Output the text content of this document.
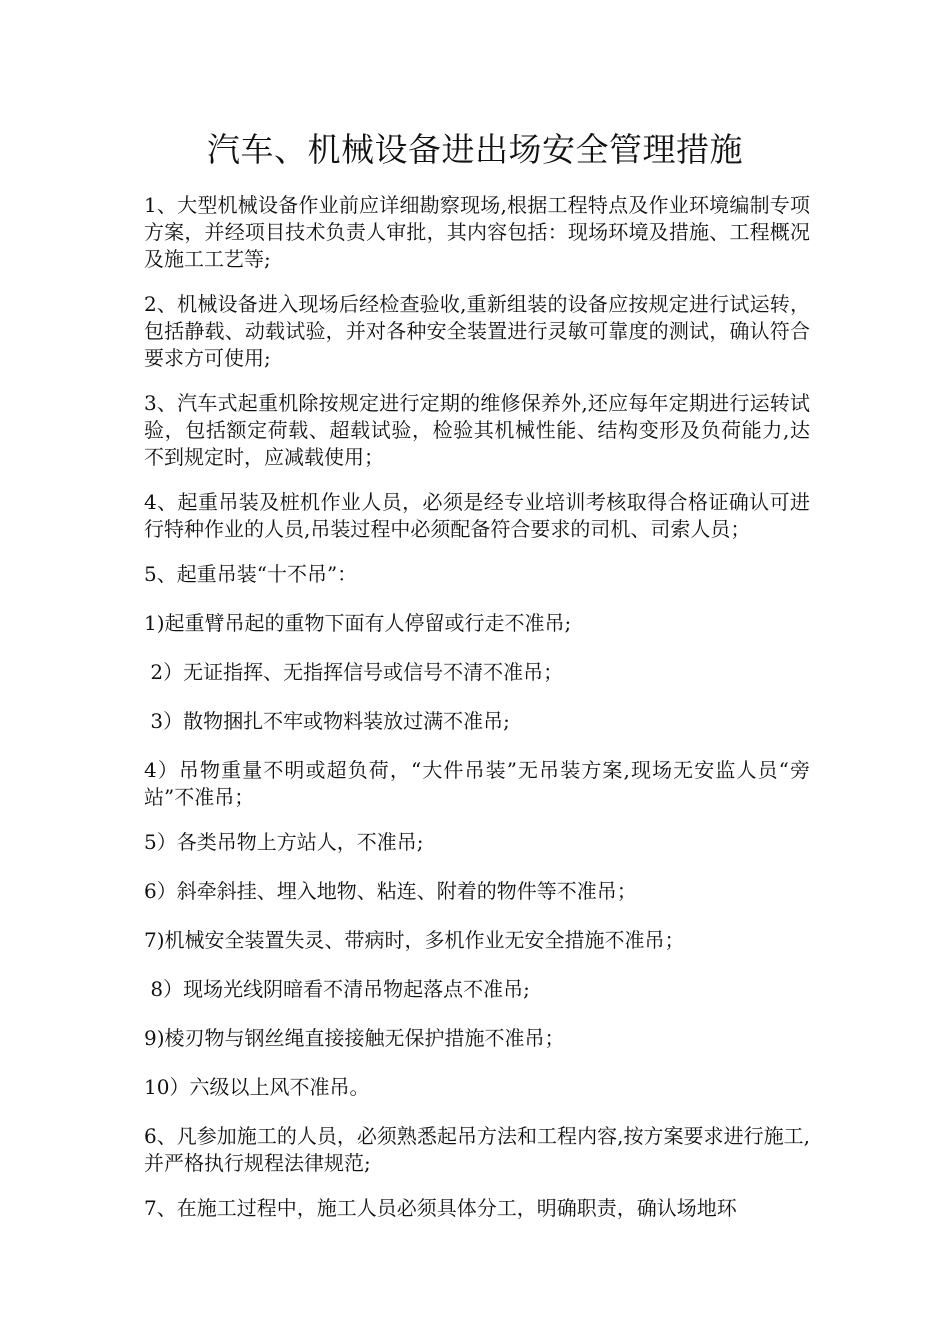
汽车、机械设备进出场安全管理措施

1、大型机械设备作业前应详细勘察现场,根据工程特点及作业环境编制专项方案，并经项目技术负责人审批，其内容包括：现场环境及措施、工程概况及施工工艺等;

2、机械设备进入现场后经检查验收,重新组装的设备应按规定进行试运转，包括静载、动载试验，并对各种安全装置进行灵敏可靠度的测试，确认符合要求方可使用;

3、汽车式起重机除按规定进行定期的维修保养外,还应每年定期进行运转试验，包括额定荷载、超载试验，检验其机械性能、结构变形及负荷能力,达不到规定时，应减载使用；

4、起重吊装及桩机作业人员，必须是经专业培训考核取得合格证确认可进行特种作业的人员,吊装过程中必须配备符合要求的司机、司索人员；

5、起重吊装“十不吊”：

1)起重臂吊起的重物下面有人停留或行走不准吊;

2）无证指挥、无指挥信号或信号不清不准吊；

3）散物捆扎不牢或物料装放过满不准吊;

4）吊物重量不明或超负荷，“大件吊装”无吊装方案,现场无安监人员“旁站”不准吊；

5）各类吊物上方站人，不准吊;

6）斜牵斜挂、埋入地物、粘连、附着的物件等不准吊；

7)机械安全装置失灵、带病时，多机作业无安全措施不准吊；

8）现场光线阴暗看不清吊物起落点不准吊;

9)棱刃物与钢丝绳直接接触无保护措施不准吊；

10）六级以上风不准吊。

6、凡参加施工的人员，必须熟悉起吊方法和工程内容,按方案要求进行施工,并严格执行规程法律规范;

7、在施工过程中，施工人员必须具体分工，明确职责，确认场地环
